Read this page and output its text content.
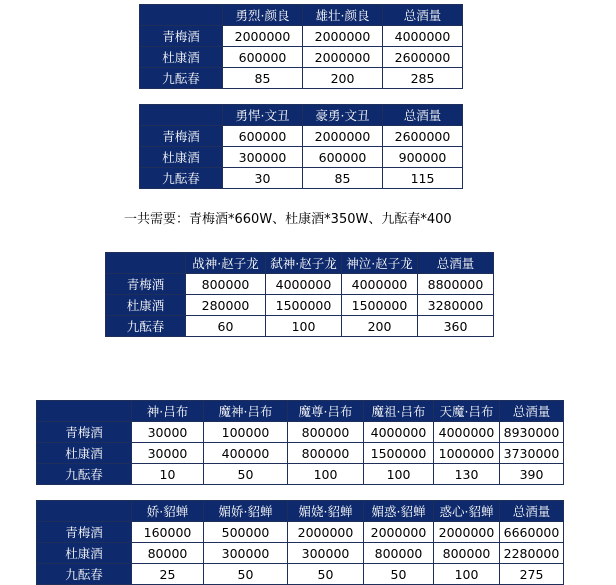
	勇烈·颜良	雄壮·颜良	总酒量
青梅酒	2000000	2000000	4000000
杜康酒	600000	2000000	2600000
九酝春	85	200	285
	勇悍·文丑	豪勇·文丑	总酒量
青梅酒	600000	2000000	2600000
杜康酒	300000	600000	900000
九酝春	30	85	115
一共需要：青梅酒*660W、杜康酒*350W、九酝春*400
	战神·赵子龙	弑神·赵子龙	神泣·赵子龙	总酒量
青梅酒	800000	4000000	4000000	8800000
杜康酒	280000	1500000	1500000	3280000
九酝春	60	100	200	360
	神·吕布	魔神·吕布	魔尊·吕布	魔祖·吕布	天魔·吕布	总酒量
青梅酒	30000	100000	800000	4000000	4000000	8930000
杜康酒	30000	400000	800000	1500000	1000000	3730000
九酝春	10	50	100	100	130	390
	娇·貂蝉	媚娇·貂蝉	媚娆·貂蝉	媚惑·貂蝉	惑心·貂蝉	总酒量
青梅酒	160000	500000	2000000	2000000	2000000	6660000
杜康酒	80000	300000	300000	800000	800000	2280000
九酝春	25	50	50	50	100	275
